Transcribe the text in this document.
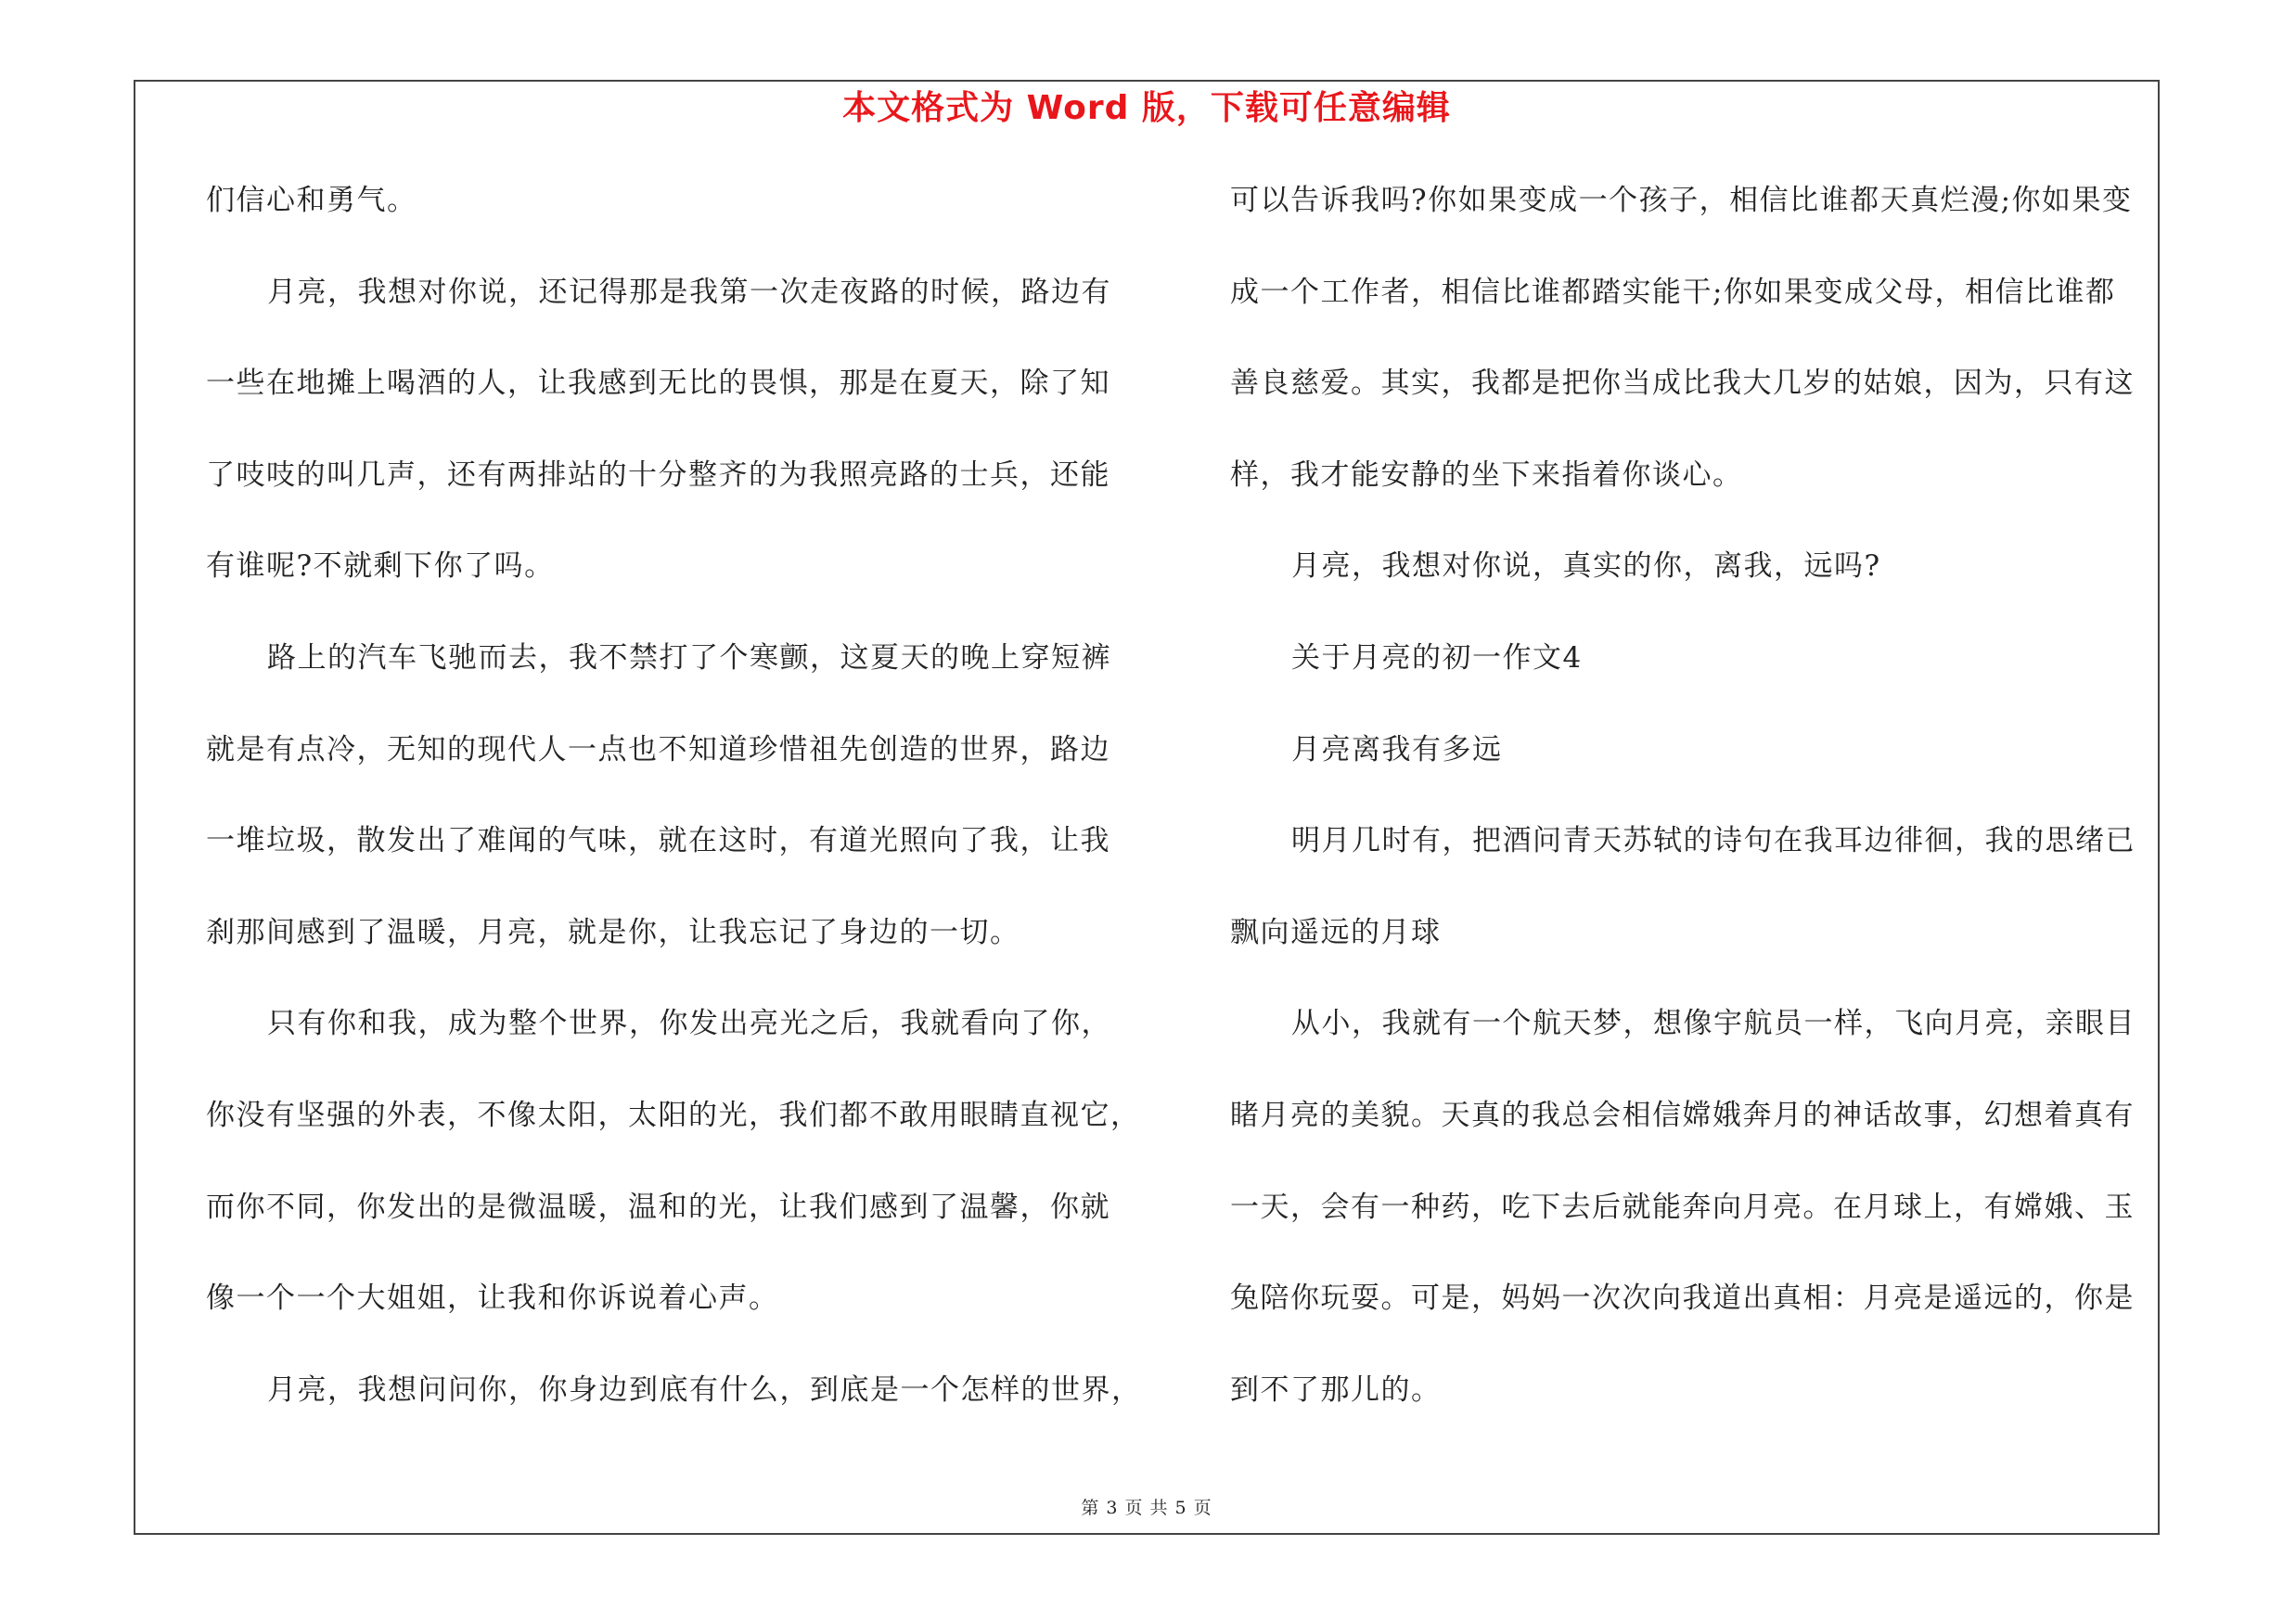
本文格式为 Word 版，下载可任意编辑
们信心和勇气。
月亮，我想对你说，还记得那是我第一次走夜路的时候，路边有
一些在地摊上喝酒的人，让我感到无比的畏惧，那是在夏天，除了知
了吱吱的叫几声，还有两排站的十分整齐的为我照亮路的士兵，还能
有谁呢?不就剩下你了吗。
路上的汽车飞驰而去，我不禁打了个寒颤，这夏天的晚上穿短裤
就是有点冷，无知的现代人一点也不知道珍惜祖先创造的世界，路边
一堆垃圾，散发出了难闻的气味，就在这时，有道光照向了我，让我
刹那间感到了温暖，月亮，就是你，让我忘记了身边的一切。
只有你和我，成为整个世界，你发出亮光之后，我就看向了你，
你没有坚强的外表，不像太阳，太阳的光，我们都不敢用眼睛直视它，
而你不同，你发出的是微温暖，温和的光，让我们感到了温馨，你就
像一个一个大姐姐，让我和你诉说着心声。
月亮，我想问问你，你身边到底有什么，到底是一个怎样的世界，
可以告诉我吗?你如果变成一个孩子，相信比谁都天真烂漫;你如果变
成一个工作者，相信比谁都踏实能干;你如果变成父母，相信比谁都
善良慈爱。其实，我都是把你当成比我大几岁的姑娘，因为，只有这
样，我才能安静的坐下来指着你谈心。
月亮，我想对你说，真实的你，离我，远吗?
关于月亮的初一作文4
月亮离我有多远
明月几时有，把酒问青天苏轼的诗句在我耳边徘徊，我的思绪已
飘向遥远的月球
从小，我就有一个航天梦，想像宇航员一样，飞向月亮，亲眼目
睹月亮的美貌。天真的我总会相信嫦娥奔月的神话故事，幻想着真有
一天，会有一种药，吃下去后就能奔向月亮。在月球上，有嫦娥、玉
兔陪你玩耍。可是，妈妈一次次向我道出真相：月亮是遥远的，你是
到不了那儿的。
第 3 页 共 5 页
